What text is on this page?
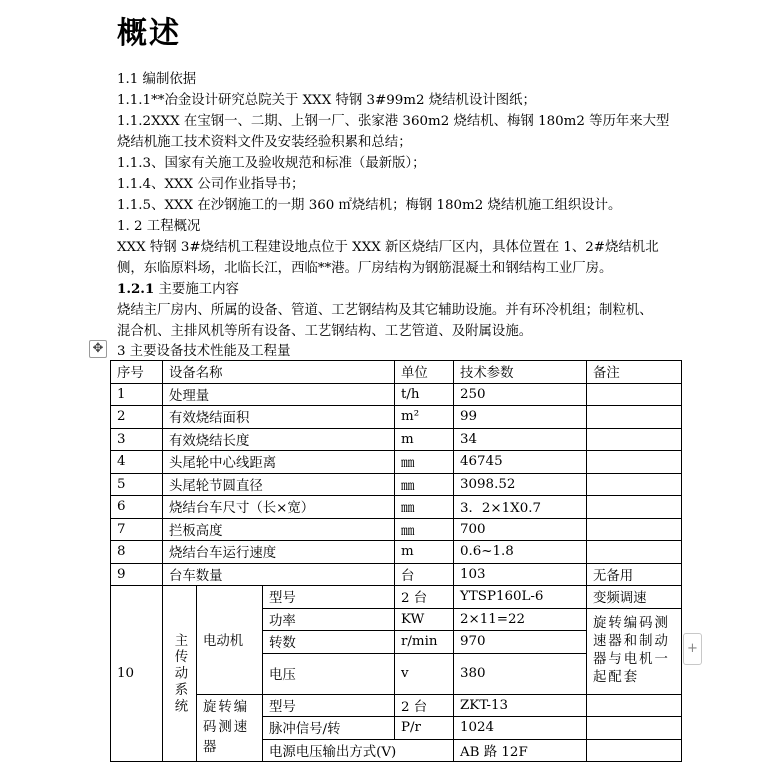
概述

1.1 编制依据

1.1.1**冶金设计研究总院关于 XXX 特钢 3#99m2 烧结机设计图纸；

1.1.2XXX 在宝钢一、二期、上钢一厂、张家港 360m2 烧结机、梅钢 180m2 等历年来大型

烧结机施工技术资料文件及安装经验积累和总结；

1.1.3、国家有关施工及验收规范和标准（最新版）；

1.1.4、XXX 公司作业指导书；

1.1.5、XXX 在沙钢施工的一期 360 ㎡烧结机；梅钢 180m2 烧结机施工组织设计。

1. 2 工程概况

XXX 特钢 3#烧结机工程建设地点位于 XXX 新区烧结厂区内，具体位置在 1、2#烧结机北

侧，东临原料场，北临长江，西临**港。厂房结构为钢筋混凝土和钢结构工业厂房。

1.2.1 主要施工内容

烧结主厂房内、所属的设备、管道、工艺钢结构及其它辅助设施。并有环冷机组；制粒机、

混合机、主排风机等所有设备、工艺钢结构、工艺管道、及附属设施。

3 主要设备技术性能及工程量

✥
序号	设备名称			单位	技术参数	备注
1	处理量			t/h	250	
2	有效烧结面积			m²	99	
3	有效烧结长度			m	34	
4	头尾轮中心线距离			㎜	46745	
5	头尾轮节圆直径			㎜	3098.52	
6	烧结台车尺寸（长×宽）			㎜	3．2×1X0.7	
7	拦板高度			㎜	700	
8	烧结台车运行速度			m	0.6~1.8	
9	台车数量			台	103	无备用
10	主传动系统	电动机	型号	2 台	YTSP160L-6	变频调速
			功率	KW	2×11=22	旋转编码测速器和制动器与电机一起配套
			转数	r/min	970	
			电压	v	380	
		旋转编码测速器	型号	2 台	ZKT-13	
			脉冲信号/转	P/r	1024	
			电源电压输出方式(V)		AB 路 12F	
+
